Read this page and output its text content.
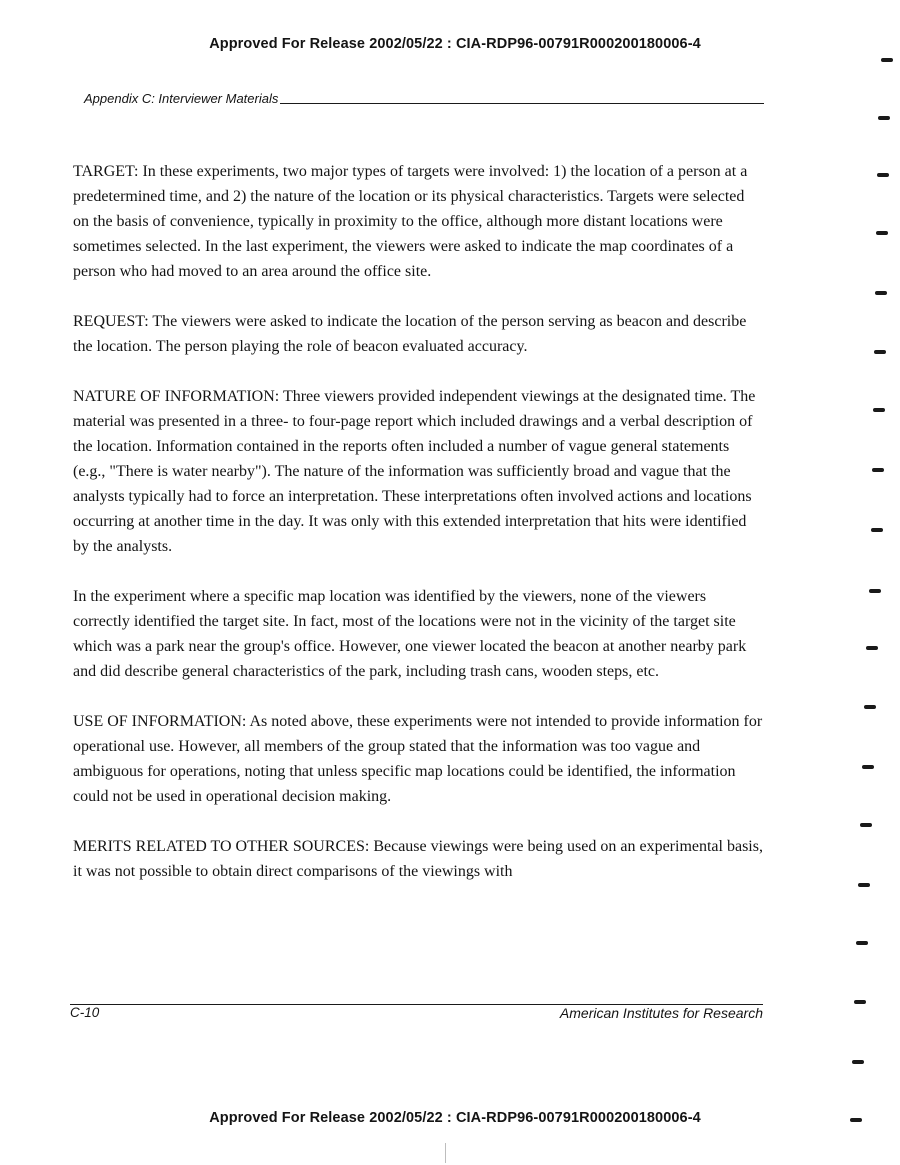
Approved For Release 2002/05/22 : CIA-RDP96-00791R000200180006-4
Appendix C: Interviewer Materials

TARGET: In these experiments, two major types of targets were involved: 1) the location of a person at a predetermined time, and 2) the nature of the location or its physical characteristics. Targets were selected on the basis of convenience, typically in proximity to the office, although more distant locations were sometimes selected. In the last experiment, the viewers were asked to indicate the map coordinates of a person who had moved to an area around the office site.

REQUEST: The viewers were asked to indicate the location of the person serving as beacon and describe the location. The person playing the role of beacon evaluated accuracy.

NATURE OF INFORMATION: Three viewers provided independent viewings at the designated time. The material was presented in a three- to four-page report which included drawings and a verbal description of the location. Information contained in the reports often included a number of vague general statements (e.g., "There is water nearby"). The nature of the information was sufficiently broad and vague that the analysts typically had to force an interpretation. These interpretations often involved actions and locations occurring at another time in the day. It was only with this extended interpretation that hits were identified by the analysts.

In the experiment where a specific map location was identified by the viewers, none of the viewers correctly identified the target site. In fact, most of the locations were not in the vicinity of the target site which was a park near the group's office. However, one viewer located the beacon at another nearby park and did describe general characteristics of the park, including trash cans, wooden steps, etc.

USE OF INFORMATION: As noted above, these experiments were not intended to provide information for operational use. However, all members of the group stated that the information was too vague and ambiguous for operations, noting that unless specific map locations could be identified, the information could not be used in operational decision making.

MERITS RELATED TO OTHER SOURCES: Because viewings were being used on an experimental basis, it was not possible to obtain direct comparisons of the viewings with

C-10	American Institutes for Research
Approved For Release 2002/05/22 : CIA-RDP96-00791R000200180006-4
